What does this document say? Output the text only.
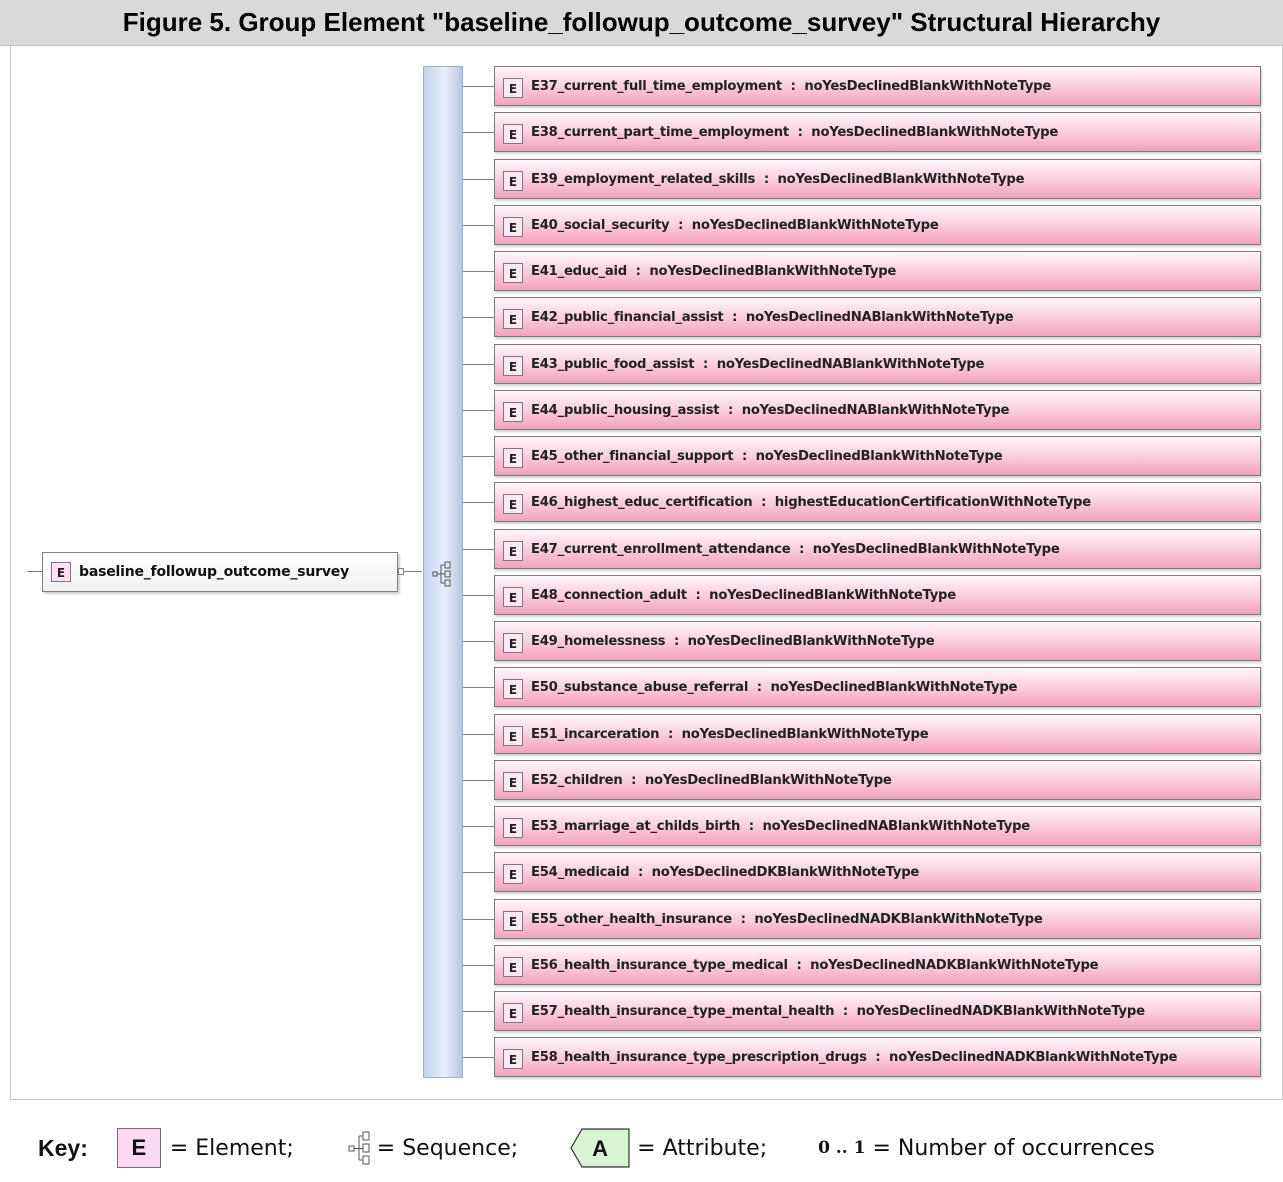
Figure 5. Group Element "baseline_followup_outcome_survey" Structural Hierarchy
E baseline_followup_outcome_survey
E	E37_current_full_time_employment  :  noYesDeclinedBlankWithNoteType
E	E38_current_part_time_employment  :  noYesDeclinedBlankWithNoteType
E	E39_employment_related_skills  :  noYesDeclinedBlankWithNoteType
E	E40_social_security  :  noYesDeclinedBlankWithNoteType
E	E41_educ_aid  :  noYesDeclinedBlankWithNoteType
E	E42_public_financial_assist  :  noYesDeclinedNABlankWithNoteType
E	E43_public_food_assist  :  noYesDeclinedNABlankWithNoteType
E	E44_public_housing_assist  :  noYesDeclinedNABlankWithNoteType
E	E45_other_financial_support  :  noYesDeclinedBlankWithNoteType
E	E46_highest_educ_certification  :  highestEducationCertificationWithNoteType
E	E47_current_enrollment_attendance  :  noYesDeclinedBlankWithNoteType
E	E48_connection_adult  :  noYesDeclinedBlankWithNoteType
E	E49_homelessness  :  noYesDeclinedBlankWithNoteType
E	E50_substance_abuse_referral  :  noYesDeclinedBlankWithNoteType
E	E51_incarceration  :  noYesDeclinedBlankWithNoteType
E	E52_children  :  noYesDeclinedBlankWithNoteType
E	E53_marriage_at_childs_birth  :  noYesDeclinedNABlankWithNoteType
E	E54_medicaid  :  noYesDeclinedDKBlankWithNoteType
E	E55_other_health_insurance  :  noYesDeclinedNADKBlankWithNoteType
E	E56_health_insurance_type_medical  :  noYesDeclinedNADKBlankWithNoteType
E	E57_health_insurance_type_mental_health  :  noYesDeclinedNADKBlankWithNoteType
E	E58_health_insurance_type_prescription_drugs  :  noYesDeclinedNADKBlankWithNoteType
Key:	E	= Element;	= Sequence;	A = Attribute;	0 .. 1 = Number of occurrences
